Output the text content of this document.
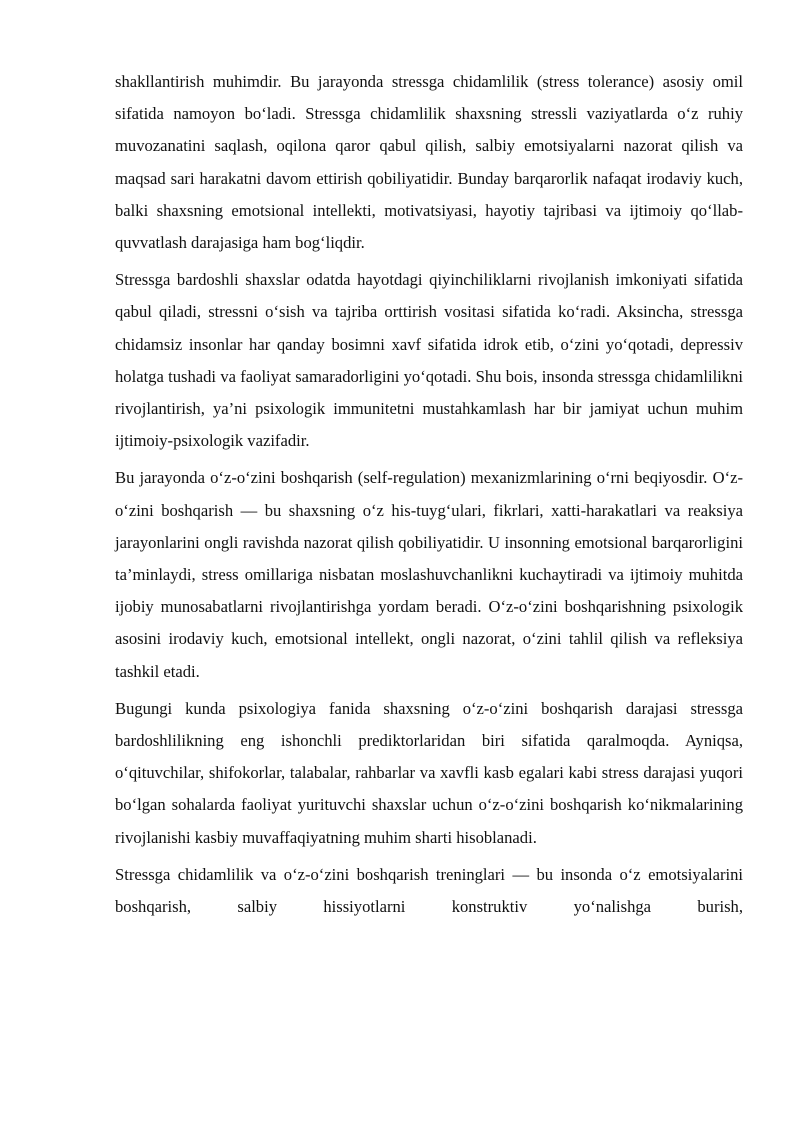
shakllantirish muhimdir. Bu jarayonda stressga chidamlilik (stress tolerance) asosiy omil sifatida namoyon bo‘ladi. Stressga chidamlilik shaxsning stressli vaziyatlarda o‘z ruhiy muvozanatini saqlash, oqilona qaror qabul qilish, salbiy emotsiyalarni nazorat qilish va maqsad sari harakatni davom ettirish qobiliyatidir. Bunday barqarorlik nafaqat irodaviy kuch, balki shaxsning emotsional intellekti, motivatsiyasi, hayotiy tajribasi va ijtimoiy qo‘llab-quvvatlash darajasiga ham bog‘liqdir.

Stressga bardoshli shaxslar odatda hayotdagi qiyinchiliklarni rivojlanish imkoniyati sifatida qabul qiladi, stressni o‘sish va tajriba orttirish vositasi sifatida ko‘radi. Aksincha, stressga chidamsiz insonlar har qanday bosimni xavf sifatida idrok etib, o‘zini yo‘qotadi, depressiv holatga tushadi va faoliyat samaradorligini yo‘qotadi. Shu bois, insonda stressga chidamlilikni rivojlantirish, ya’ni psixologik immunitetni mustahkamlash har bir jamiyat uchun muhim ijtimoiy-psixologik vazifadir.

Bu jarayonda o‘z-o‘zini boshqarish (self-regulation) mexanizmlarining o‘rni beqiyosdir. O‘z-o‘zini boshqarish — bu shaxsning o‘z his-tuyg‘ulari, fikrlari, xatti-harakatlari va reaksiya jarayonlarini ongli ravishda nazorat qilish qobiliyatidir. U insonning emotsional barqarorligini ta’minlaydi, stress omillariga nisbatan moslashuvchanlikni kuchaytiradi va ijtimoiy muhitda ijobiy munosabatlarni rivojlantirishga yordam beradi. O‘z-o‘zini boshqarishning psixologik asosini irodaviy kuch, emotsional intellekt, ongli nazorat, o‘zini tahlil qilish va refleksiya tashkil etadi.

Bugungi kunda psixologiya fanida shaxsning o‘z-o‘zini boshqarish darajasi stressga bardoshlilikning eng ishonchli prediktorlaridan biri sifatida qaralmoqda. Ayniqsa, o‘qituvchilar, shifokorlar, talabalar, rahbarlar va xavfli kasb egalari kabi stress darajasi yuqori bo‘lgan sohalarda faoliyat yurituvchi shaxslar uchun o‘z-o‘zini boshqarish ko‘nikmalarining rivojlanishi kasbiy muvaffaqiyatning muhim sharti hisoblanadi.

Stressga chidamlilik va o‘z-o‘zini boshqarish treninglari — bu insonda o‘z emotsiyalarini boshqarish, salbiy hissiyotlarni konstruktiv yo‘nalishga burish,
